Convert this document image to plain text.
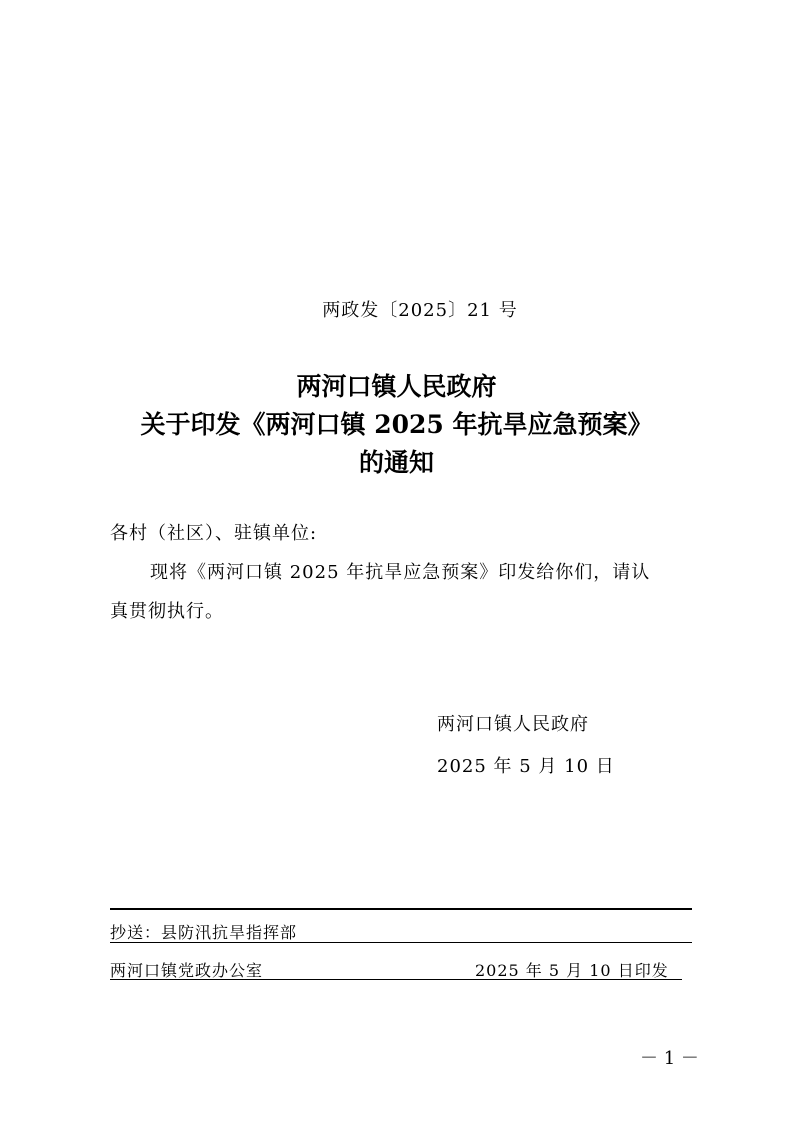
两政发〔2025〕21 号
两河口镇人民政府
关于印发《两河口镇 2025 年抗旱应急预案》
的通知
各村（社区）、驻镇单位:
现将《两河口镇 2025 年抗旱应急预案》印发给你们，请认
真贯彻执行。
两河口镇人民政府
2025 年 5 月 10 日
抄送：县防汛抗旱指挥部
两河口镇党政办公室	2025 年 5 月 10 日印发

－ 1 －
